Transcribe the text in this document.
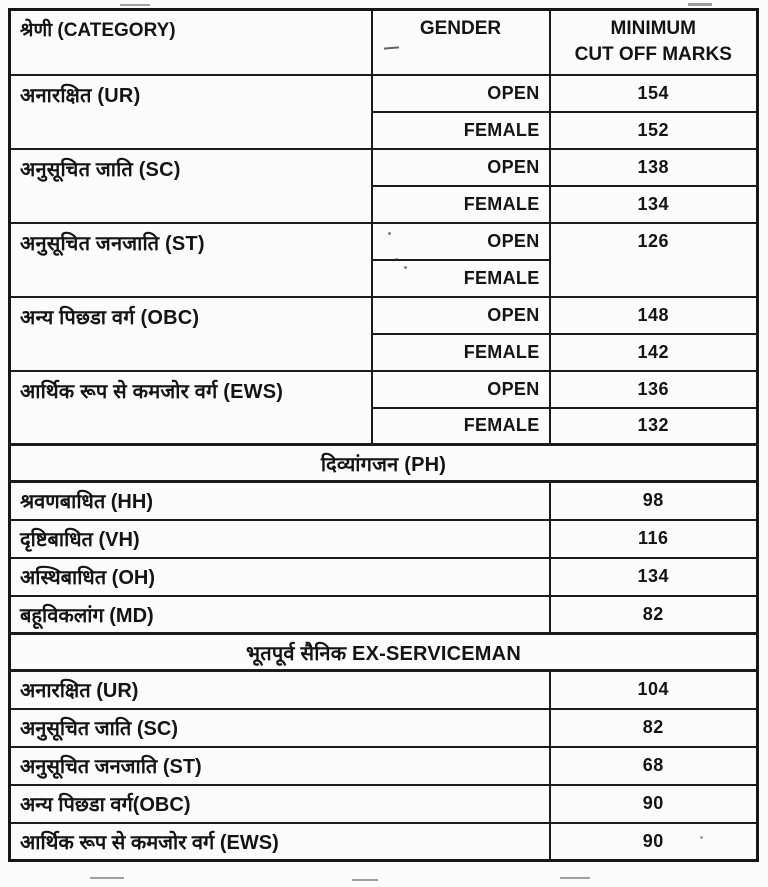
श्रेणी (CATEGORY)	GENDER	MINIMUM
CUT OFF MARKS

अनारक्षित (UR)	OPEN	154
	FEMALE	152
अनुसूचित जाति (SC)	OPEN	138
	FEMALE	134
अनुसूचित जनजाति (ST)	OPEN	126
	FEMALE	
अन्य पिछडा वर्ग (OBC)	OPEN	148
	FEMALE	142
आर्थिक रूप से कमजोर वर्ग (EWS)	OPEN	136
	FEMALE	132
दिव्यांगजन (PH)		
श्रवणबाधित (HH)		98
दृष्टिबाधित (VH)		116
अस्थिबाधित (OH)		134
बहूविकलांग (MD)		82
भूतपूर्व सैनिक EX-SERVICEMAN		
अनारक्षित (UR)		104
अनुसूचित जाति (SC)		82
अनुसूचित जनजाति (ST)		68
अन्य पिछडा वर्ग(OBC)		90
आर्थिक रूप से कमजोर वर्ग (EWS)		90
